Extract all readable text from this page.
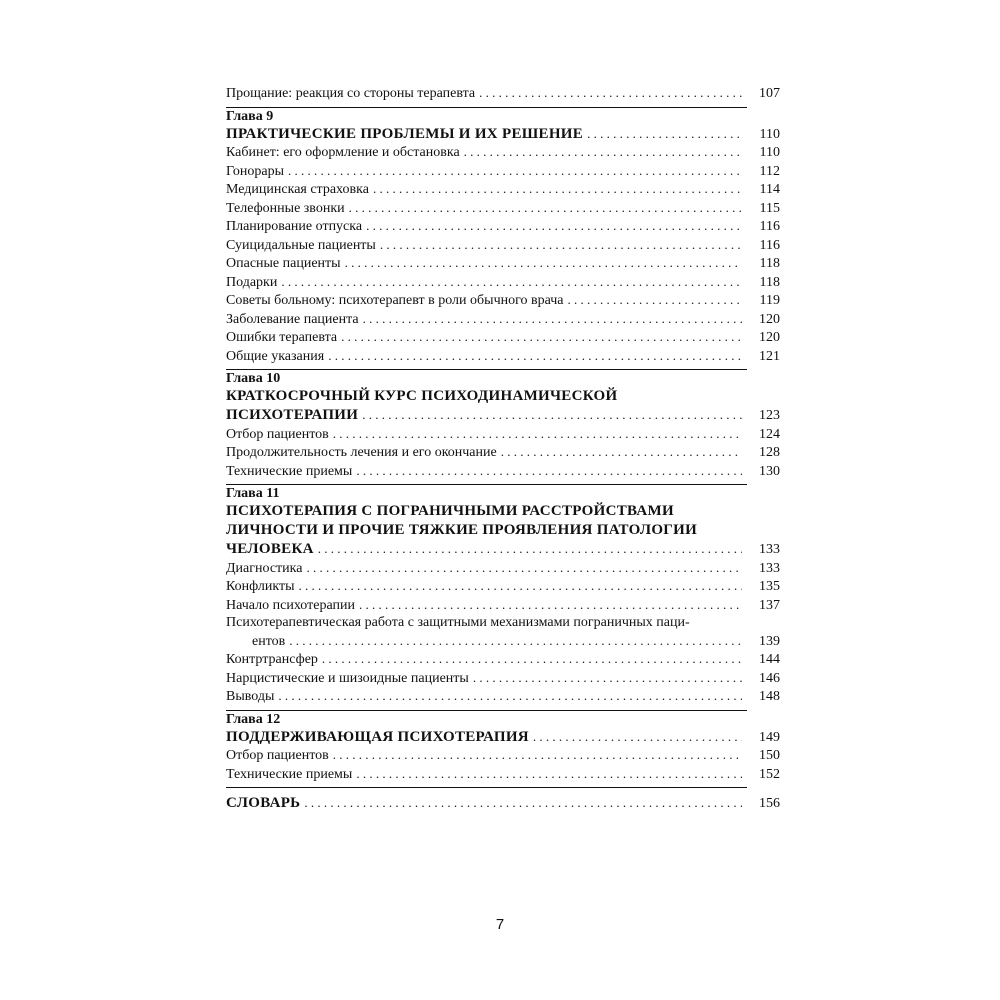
Прощание: реакция со стороны терапевта . . .	107
Глава 9
ПРАКТИЧЕСКИЕ ПРОБЛЕМЫ И ИХ РЕШЕНИЕ . . .	110
Кабинет: его оформление и обстановка . . .	110
Гонорары . . .	112
Медицинская страховка . . .	114
Телефонные звонки . . .	115
Планирование отпуска . . .	116
Суицидальные пациенты . . .	116
Опасные пациенты . . .	118
Подарки . . .	118
Советы больному: психотерапевт в роли обычного врача . . .	119
Заболевание пациента . . .	120
Ошибки терапевта . . .	120
Общие указания . . .	121
Глава 10
КРАТКОСРОЧНЫЙ КУРС ПСИХОДИНАМИЧЕСКОЙ
ПСИХОТЕРАПИИ . . .	123
Отбор пациентов . . .	124
Продолжительность лечения и его окончание . . .	128
Технические приемы . . .	130
Глава 11
ПСИХОТЕРАПИЯ С ПОГРАНИЧНЫМИ РАССТРОЙСТВАМИ
ЛИЧНОСТИ И ПРОЧИЕ ТЯЖКИЕ ПРОЯВЛЕНИЯ ПАТОЛОГИИ
ЧЕЛОВЕКА . . .	133
Диагностика . . .	133
Конфликты . . .	135
Начало психотерапии . . .	137
Психотерапевтическая работа с защитными механизмами пограничных паци-
ентов . . .	139
Контртрансфер . . .	144
Нарцистические и шизоидные пациенты . . .	146
Выводы . . .	148
Глава 12
ПОДДЕРЖИВАЮЩАЯ ПСИХОТЕРАПИЯ . . .	149
Отбор пациентов . . .	150
Технические приемы . . .	152
СЛОВАРЬ . . .	156
7
